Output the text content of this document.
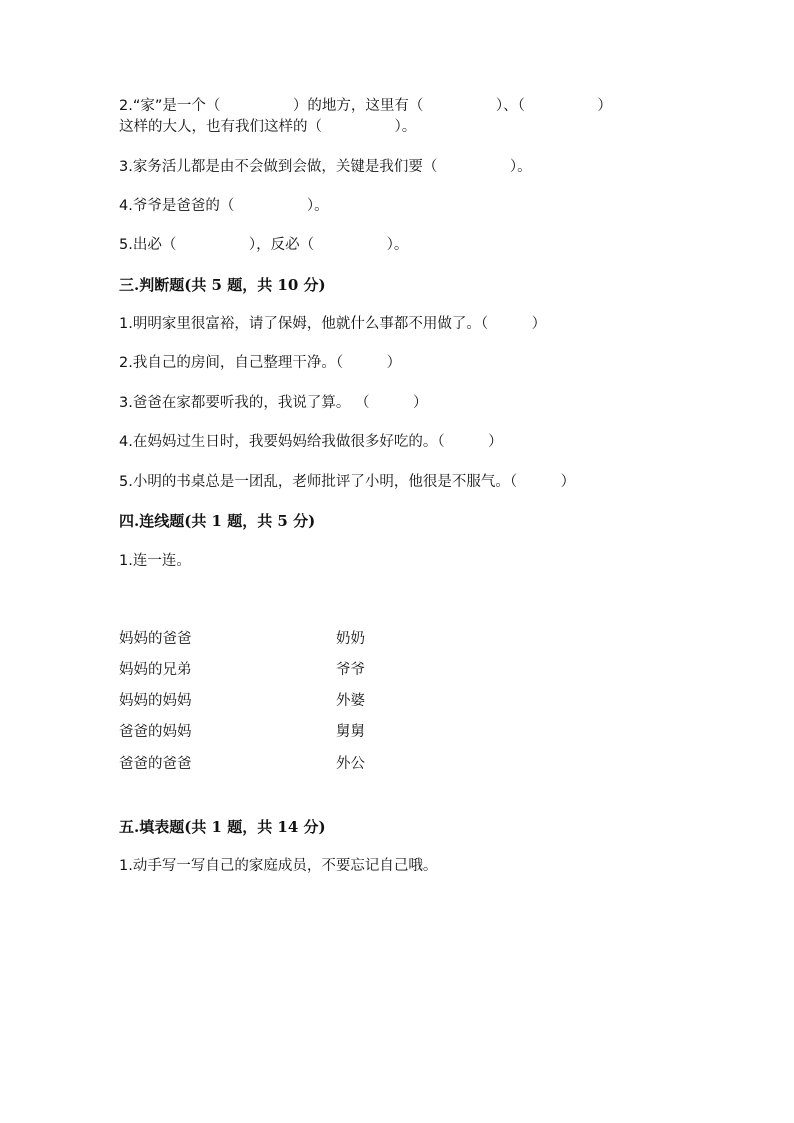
2.“家”是一个（　　　　　）的地方，这里有（　　　　　）、（　　　　　）
这样的大人，也有我们这样的（　　　　　）。
3.家务活儿都是由不会做到会做，关键是我们要（　　　　　）。
4.爷爷是爸爸的（　　　　　）。
5.出必（　　　　　），反必（　　　　　）。
三.判断题(共 5 题，共 10 分)
1.明明家里很富裕，请了保姆，他就什么事都不用做了。（　　　）
2.我自己的房间，自己整理干净。（　　　）
3.爸爸在家都要听我的，我说了算。 （　　　）
4.在妈妈过生日时，我要妈妈给我做很多好吃的。（　　　）
5.小明的书桌总是一团乱，老师批评了小明，他很是不服气。（　　　）
四.连线题(共 1 题，共 5 分)
1.连一连。
妈妈的爸爸
妈妈的兄弟
妈妈的妈妈
爸爸的妈妈
爸爸的爸爸
奶奶
爷爷
外婆
舅舅
外公
五.填表题(共 1 题，共 14 分)
1.动手写一写自己的家庭成员，不要忘记自己哦。
